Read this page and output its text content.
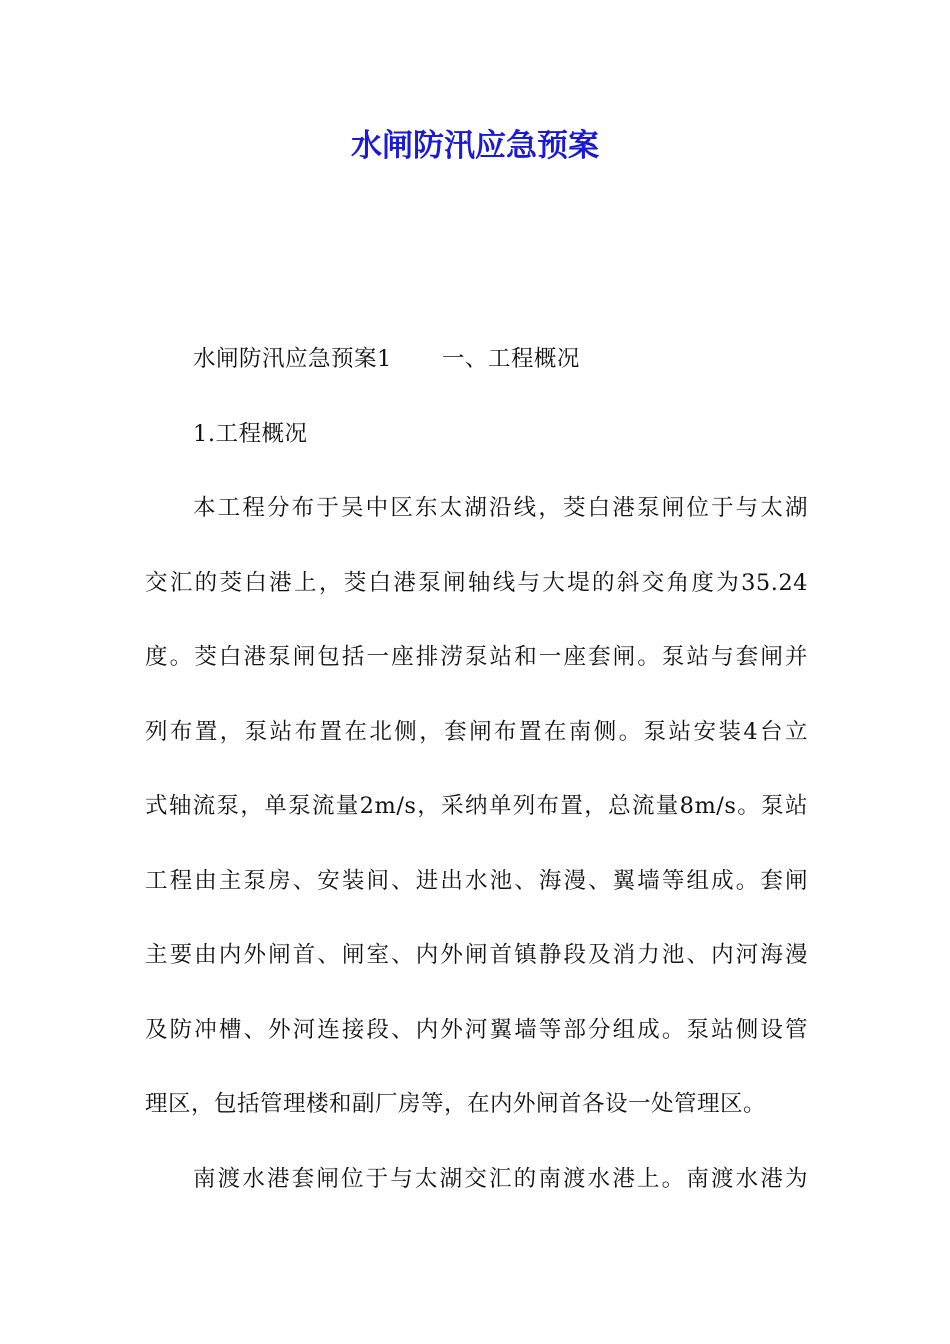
水闸防汛应急预案
水闸防汛应急预案1 一、工程概况
1.工程概况
本工程分布于吴中区东太湖沿线，茭白港泵闸位于与太湖
交汇的茭白港上，茭白港泵闸轴线与大堤的斜交角度为35.24
度。茭白港泵闸包括一座排涝泵站和一座套闸。泵站与套闸并
列布置，泵站布置在北侧，套闸布置在南侧。泵站安装4台立
式轴流泵，单泵流量2m/s，采纳单列布置，总流量8m/s。泵站
工程由主泵房、安装间、进出水池、海漫、翼墙等组成。套闸
主要由内外闸首、闸室、内外闸首镇静段及消力池、内河海漫
及防冲槽、外河连接段、内外河翼墙等部分组成。泵站侧设管
理区，包括管理楼和副厂房等，在内外闸首各设一处管理区。
南渡水港套闸位于与太湖交汇的南渡水港上。南渡水港为
